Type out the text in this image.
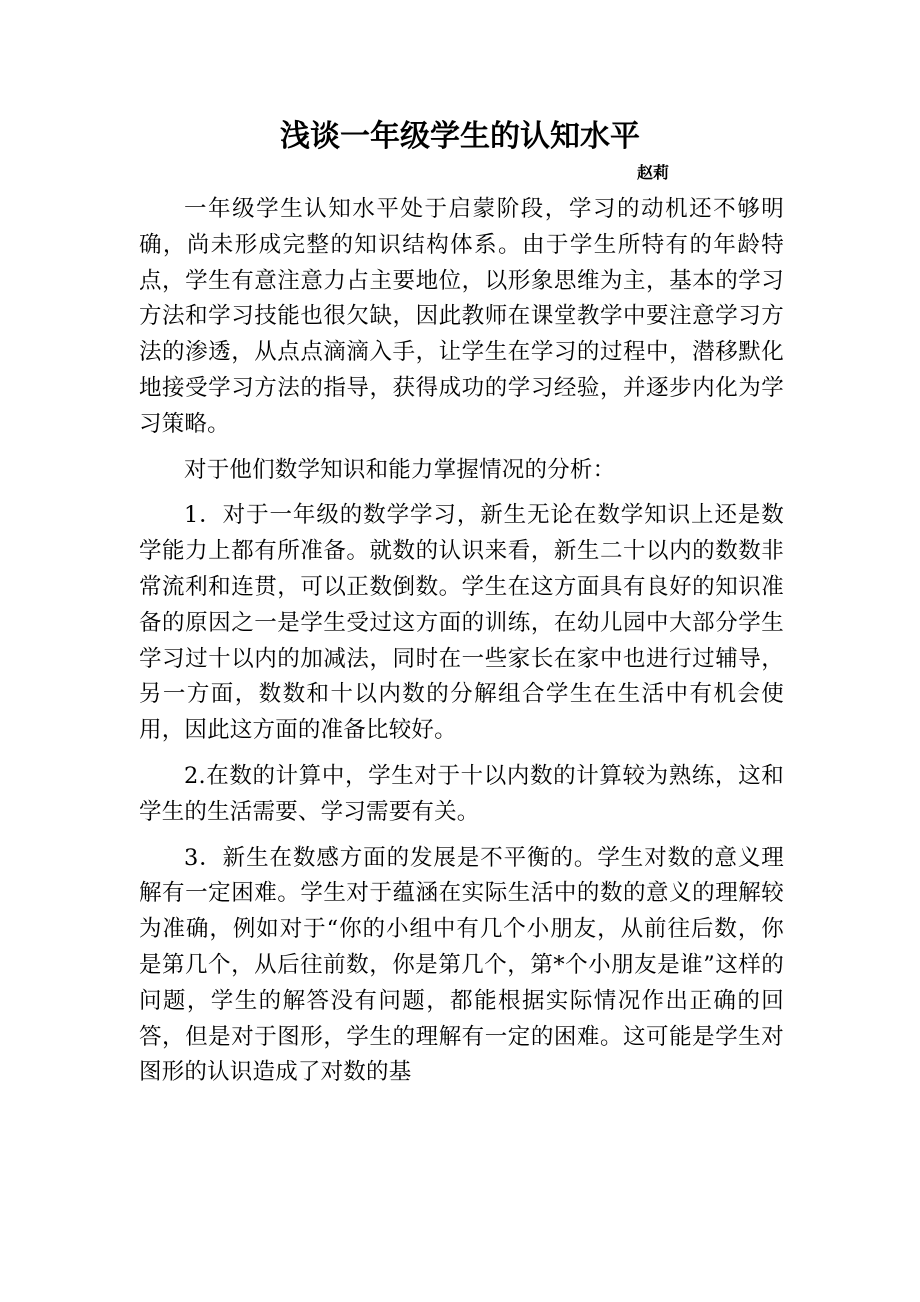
浅谈一年级学生的认知水平
赵莉

一年级学生认知水平处于启蒙阶段，学习的动机还不够明确，尚未形成完整的知识结构体系。由于学生所特有的年龄特点，学生有意注意力占主要地位，以形象思维为主，基本的学习方法和学习技能也很欠缺，因此教师在课堂教学中要注意学习方法的渗透，从点点滴滴入手，让学生在学习的过程中，潜移默化地接受学习方法的指导，获得成功的学习经验，并逐步内化为学习策略。

对于他们数学知识和能力掌握情况的分析：

1．对于一年级的数学学习，新生无论在数学知识上还是数学能力上都有所准备。就数的认识来看，新生二十以内的数数非常流利和连贯，可以正数倒数。学生在这方面具有良好的知识准备的原因之一是学生受过这方面的训练，在幼儿园中大部分学生学习过十以内的加减法，同时在一些家长在家中也进行过辅导，另一方面，数数和十以内数的分解组合学生在生活中有机会使用，因此这方面的准备比较好。

2.在数的计算中，学生对于十以内数的计算较为熟练，这和学生的生活需要、学习需要有关。

3．新生在数感方面的发展是不平衡的。学生对数的意义理解有一定困难。学生对于蕴涵在实际生活中的数的意义的理解较为准确，例如对于“你的小组中有几个小朋友，从前往后数，你是第几个，从后往前数，你是第几个，第*个小朋友是谁”这样的问题，学生的解答没有问题，都能根据实际情况作出正确的回答，但是对于图形，学生的理解有一定的困难。这可能是学生对图形的认识造成了对数的基
